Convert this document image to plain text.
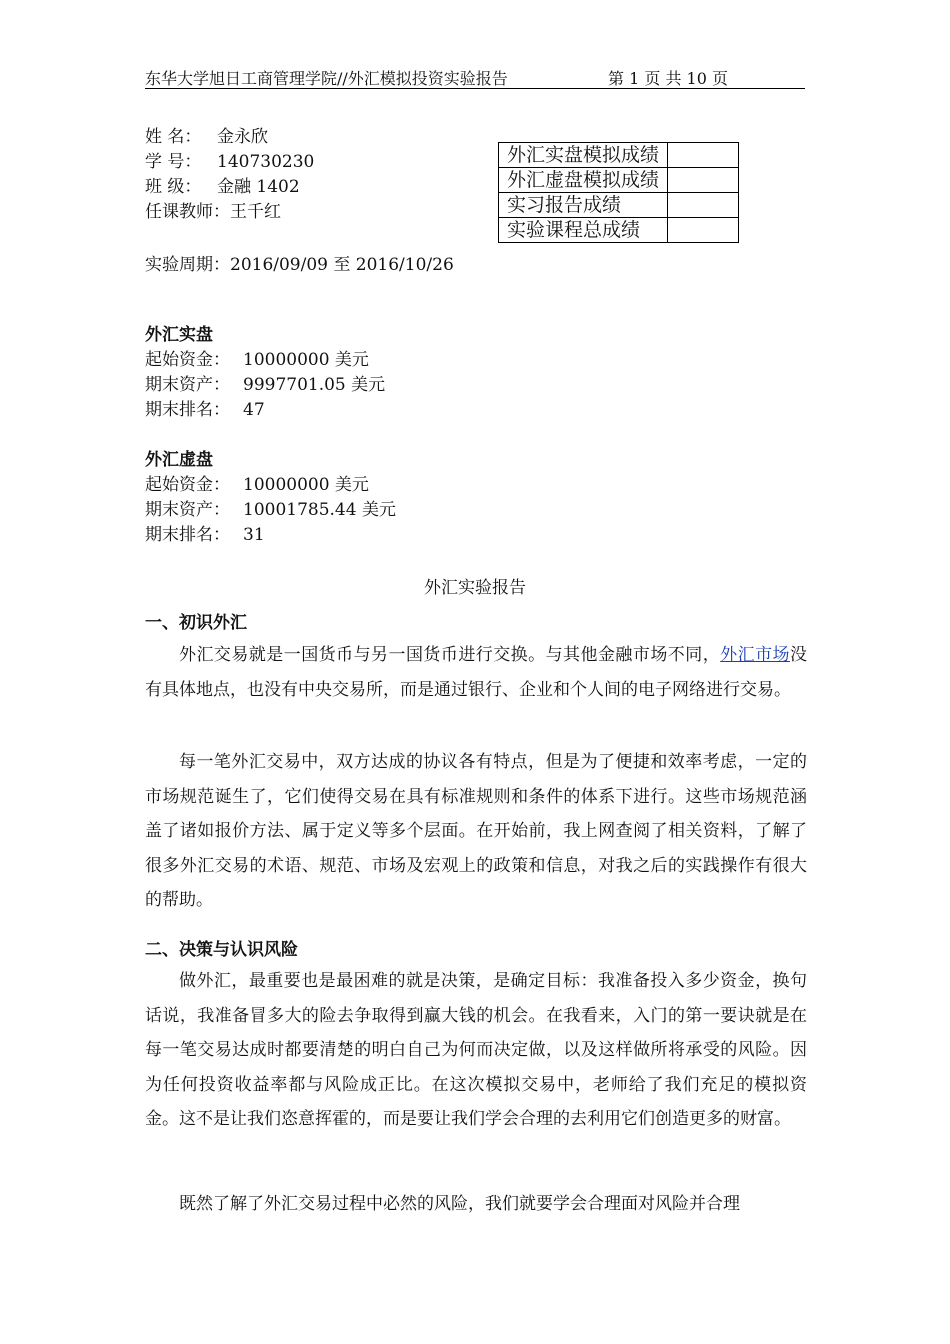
东华大学旭日工商管理学院//外汇模拟投资实验报告	第 1 页 共 10 页
姓 名： 金永欣
学 号： 140730230
班 级： 金融 1402
任课教师：王千红
外汇实盘模拟成绩	
外汇虚盘模拟成绩	
实习报告成绩	
实验课程总成绩	
实验周期：2016/09/09 至 2016/10/26
外汇实盘
起始资金： 10000000 美元
期末资产： 9997701.05 美元
期末排名： 47
外汇虚盘
起始资金： 10000000 美元
期末资产： 10001785.44 美元
期末排名： 31
外汇实验报告
一、初识外汇

外汇交易就是一国货币与另一国货币进行交换。与其他金融市场不同，外汇市场没有具体地点，也没有中央交易所，而是通过银行、企业和个人间的电子网络进行交易。

每一笔外汇交易中，双方达成的协议各有特点，但是为了便捷和效率考虑，一定的市场规范诞生了，它们使得交易在具有标准规则和条件的体系下进行。这些市场规范涵盖了诸如报价方法、属于定义等多个层面。在开始前，我上网查阅了相关资料，了解了很多外汇交易的术语、规范、市场及宏观上的政策和信息，对我之后的实践操作有很大的帮助。

二、决策与认识风险

做外汇，最重要也是最困难的就是决策，是确定目标：我准备投入多少资金，换句话说，我准备冒多大的险去争取得到赢大钱的机会。在我看来，入门的第一要诀就是在每一笔交易达成时都要清楚的明白自己为何而决定做，以及这样做所将承受的风险。因为任何投资收益率都与风险成正比。在这次模拟交易中，老师给了我们充足的模拟资金。这不是让我们恣意挥霍的，而是要让我们学会合理的去利用它们创造更多的财富。

既然了解了外汇交易过程中必然的风险，我们就要学会合理面对风险并合理
